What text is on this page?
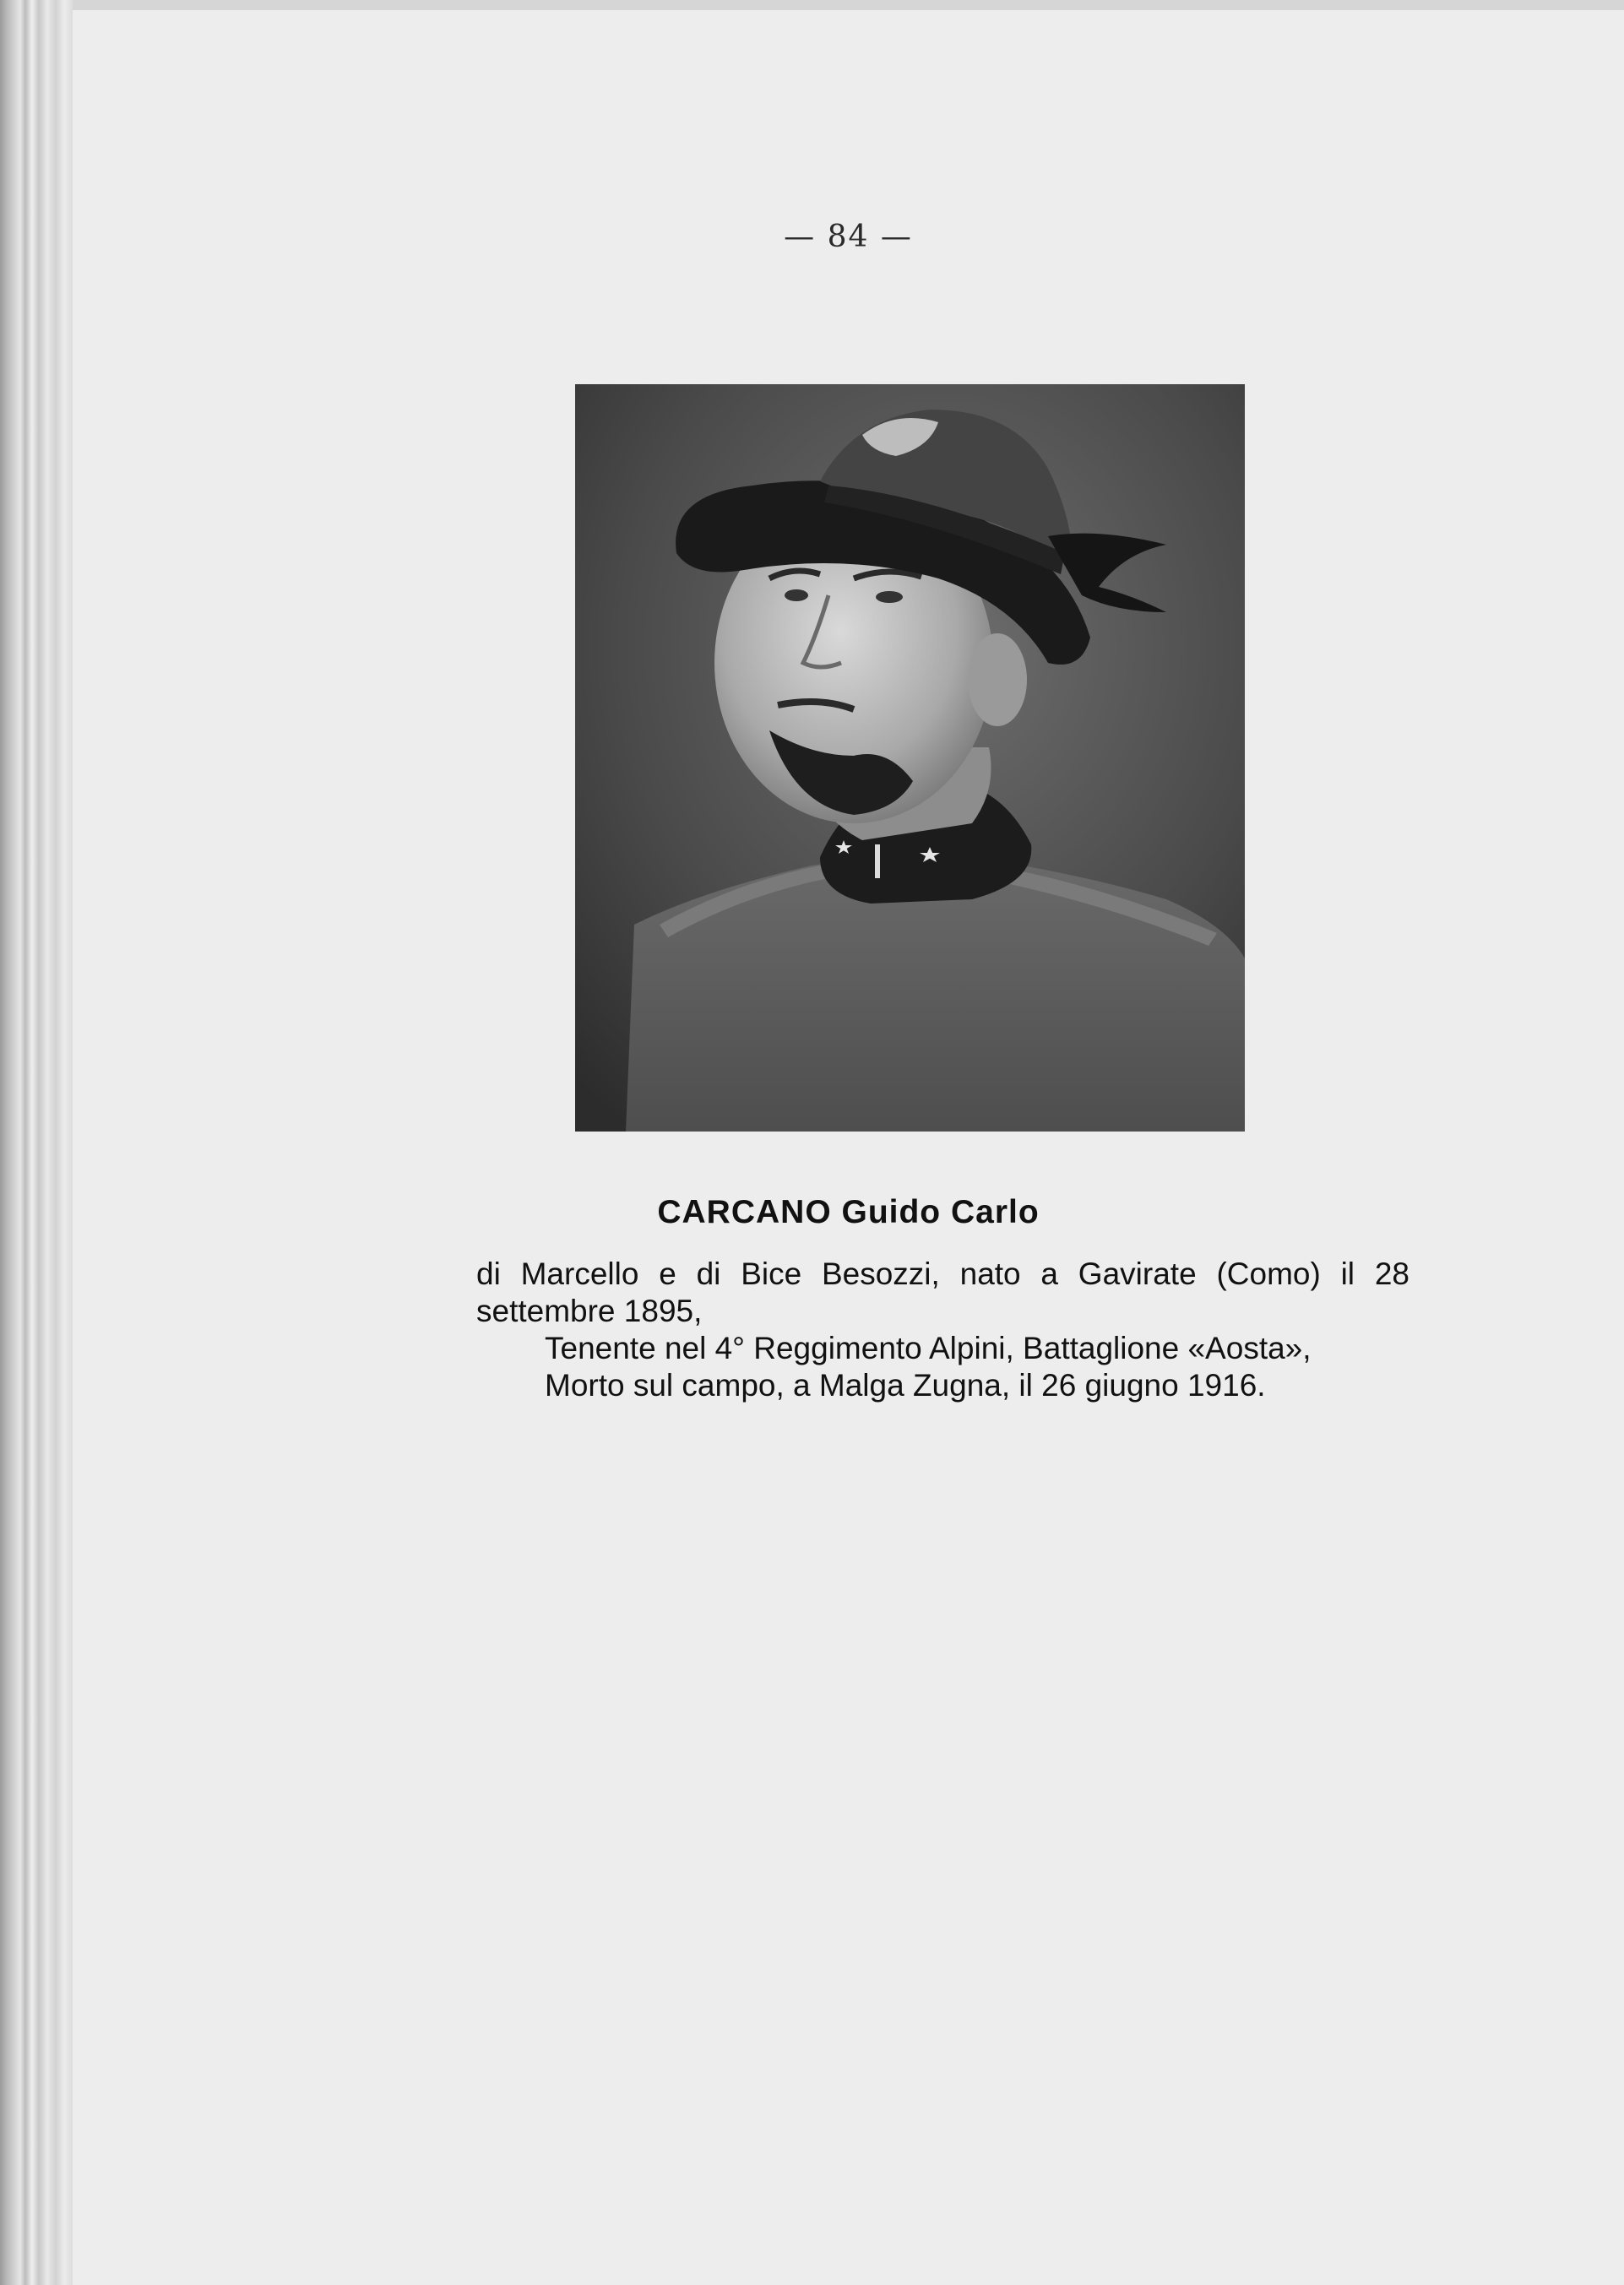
— 84 —
CARCANO Guido Carlo
di Marcello e di Bice Besozzi, nato a Gavirate (Como) il 28 settembre 1895,
Tenente nel 4° Reggimento Alpini, Battaglione «Aosta»,
Morto sul campo, a Malga Zugna, il 26 giugno 1916.
